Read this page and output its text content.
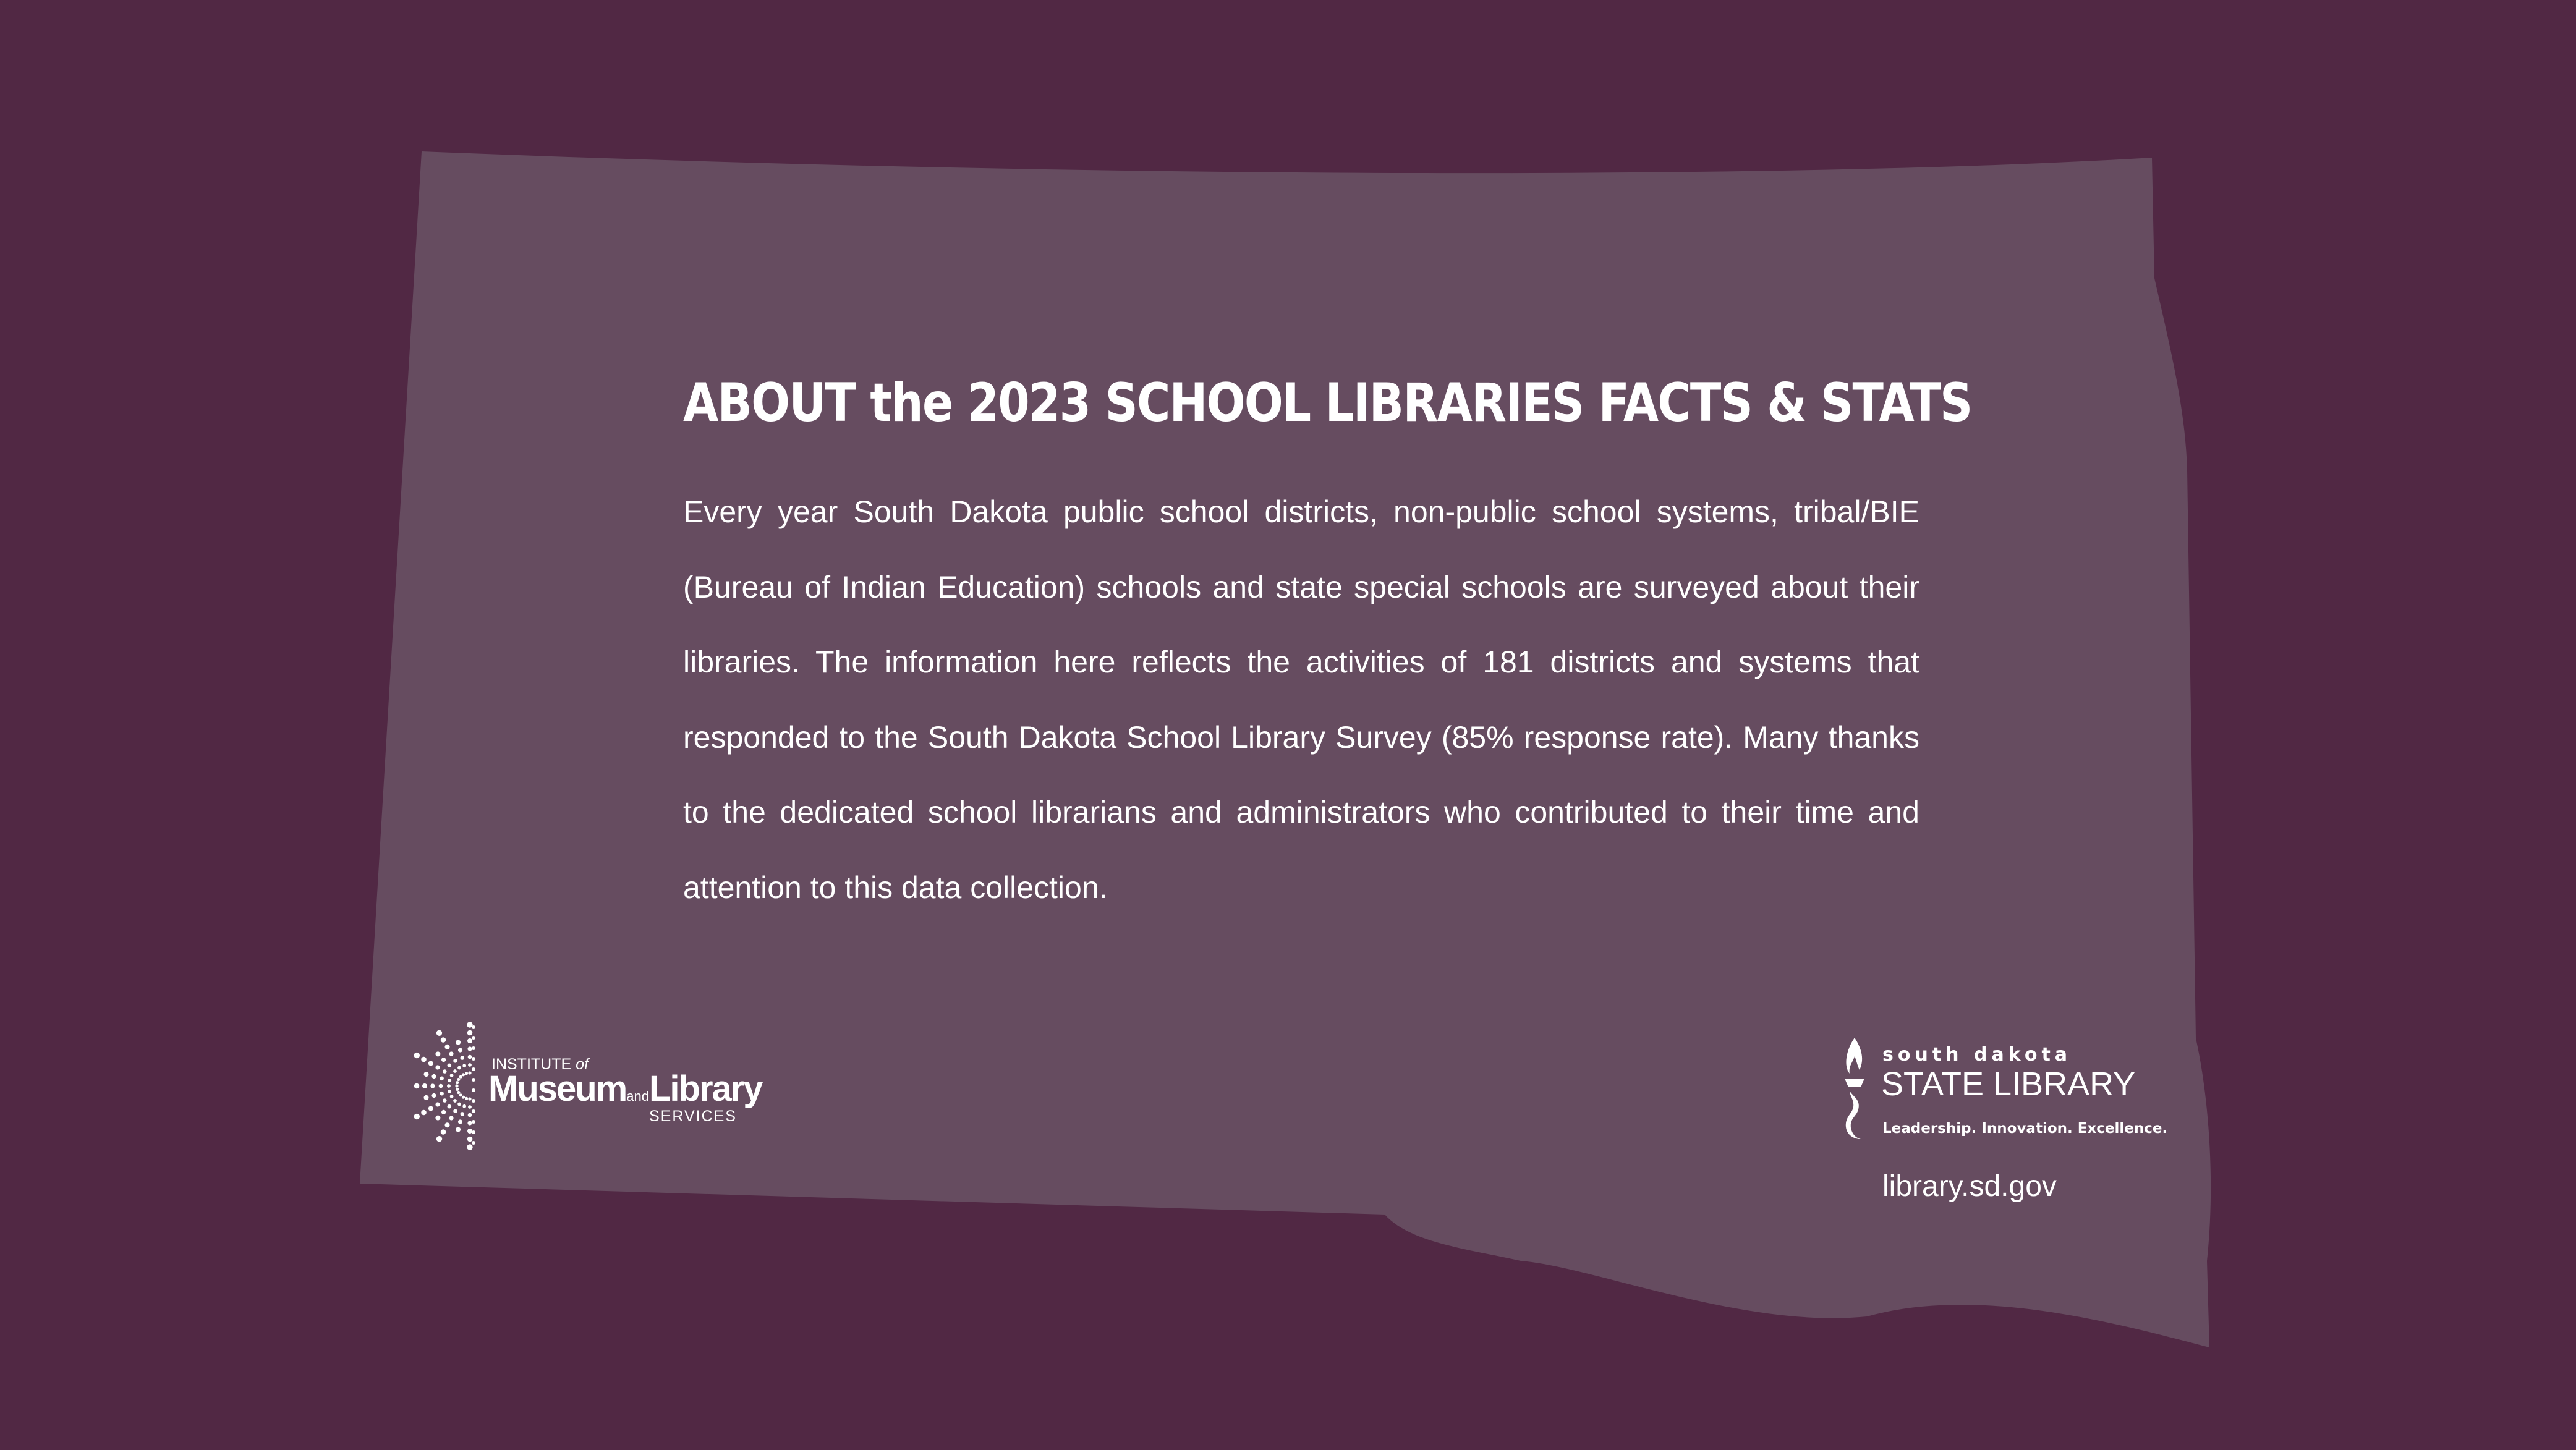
ABOUT the 2023 SCHOOL LIBRARIES FACTS & STATS

Every year South Dakota public school districts, non-public school systems, tribal/BIE (Bureau of Indian Education) schools and state special schools are surveyed about their libraries. The information here reflects the activities of 181 districts and systems that responded to the South Dakota School Library Survey (85% response rate). Many thanks to the dedicated school librarians and administrators who contributed to their time and attention to this data collection.

INSTITUTE of
MuseumandLibrary
SERVICES
south dakota
STATE LIBRARY
Leadership. Innovation. Excellence.
library.sd.gov
